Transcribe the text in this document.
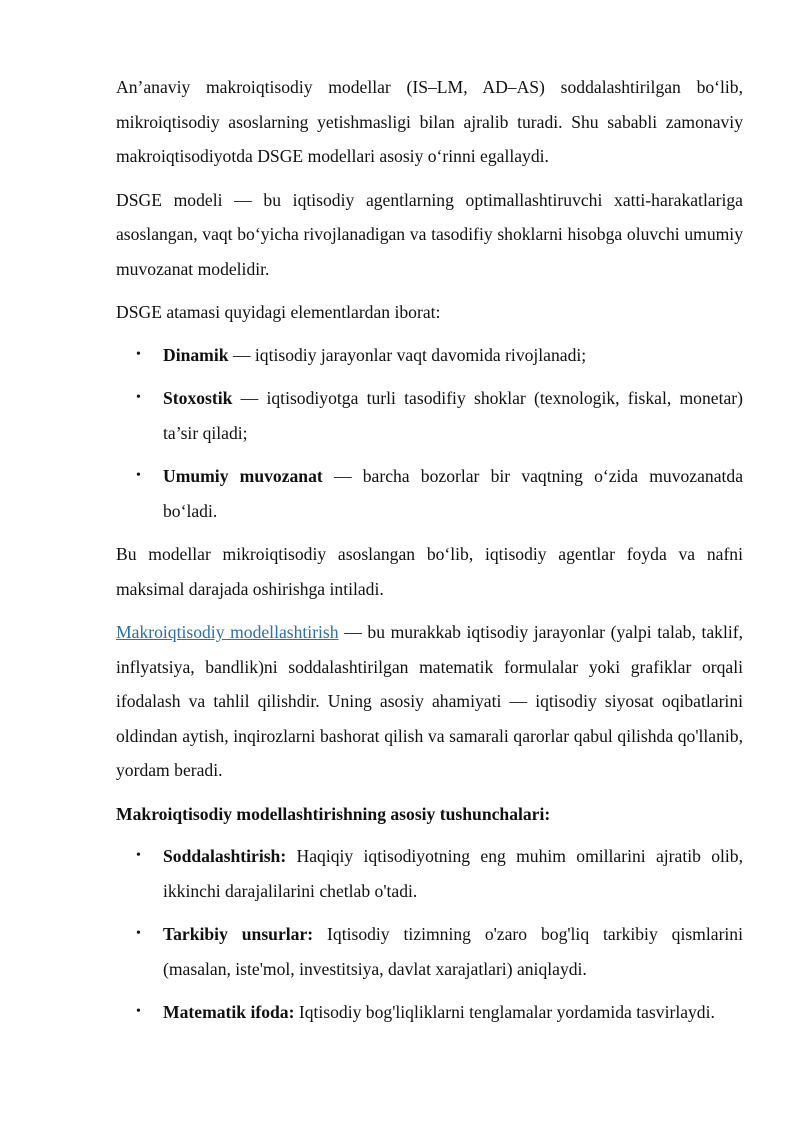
An’anaviy makroiqtisodiy modellar (IS–LM, AD–AS) soddalashtirilgan bo‘lib, mikroiqtisodiy asoslarning yetishmasligi bilan ajralib turadi. Shu sababli zamonaviy makroiqtisodiyotda DSGE modellari asosiy o‘rinni egallaydi.

DSGE modeli — bu iqtisodiy agentlarning optimallashtiruvchi xatti-harakatlariga asoslangan, vaqt bo‘yicha rivojlanadigan va tasodifiy shoklarni hisobga oluvchi umumiy muvozanat modelidir.

DSGE atamasi quyidagi elementlardan iborat:

• Dinamik — iqtisodiy jarayonlar vaqt davomida rivojlanadi;
• Stoxostik — iqtisodiyotga turli tasodifiy shoklar (texnologik, fiskal, monetar) ta’sir qiladi;
• Umumiy muvozanat — barcha bozorlar bir vaqtning o‘zida muvozanatda bo‘ladi.

Bu modellar mikroiqtisodiy asoslangan bo‘lib, iqtisodiy agentlar foyda va nafni maksimal darajada oshirishga intiladi.

Makroiqtisodiy modellashtirish — bu murakkab iqtisodiy jarayonlar (yalpi talab, taklif, inflyatsiya, bandlik)ni soddalashtirilgan matematik formulalar yoki grafiklar orqali ifodalash va tahlil qilishdir. Uning asosiy ahamiyati — iqtisodiy siyosat oqibatlarini oldindan aytish, inqirozlarni bashorat qilish va samarali qarorlar qabul qilishda qo'llanib, yordam beradi.

Makroiqtisodiy modellashtirishning asosiy tushunchalari:

• Soddalashtirish: Haqiqiy iqtisodiyotning eng muhim omillarini ajratib olib, ikkinchi darajalilarini chetlab o'tadi.
• Tarkibiy unsurlar: Iqtisodiy tizimning o'zaro bog'liq tarkibiy qismlarini (masalan, iste'mol, investitsiya, davlat xarajatlari) aniqlaydi.
• Matematik ifoda: Iqtisodiy bog'liqliklarni tenglamalar yordamida tasvirlaydi.
